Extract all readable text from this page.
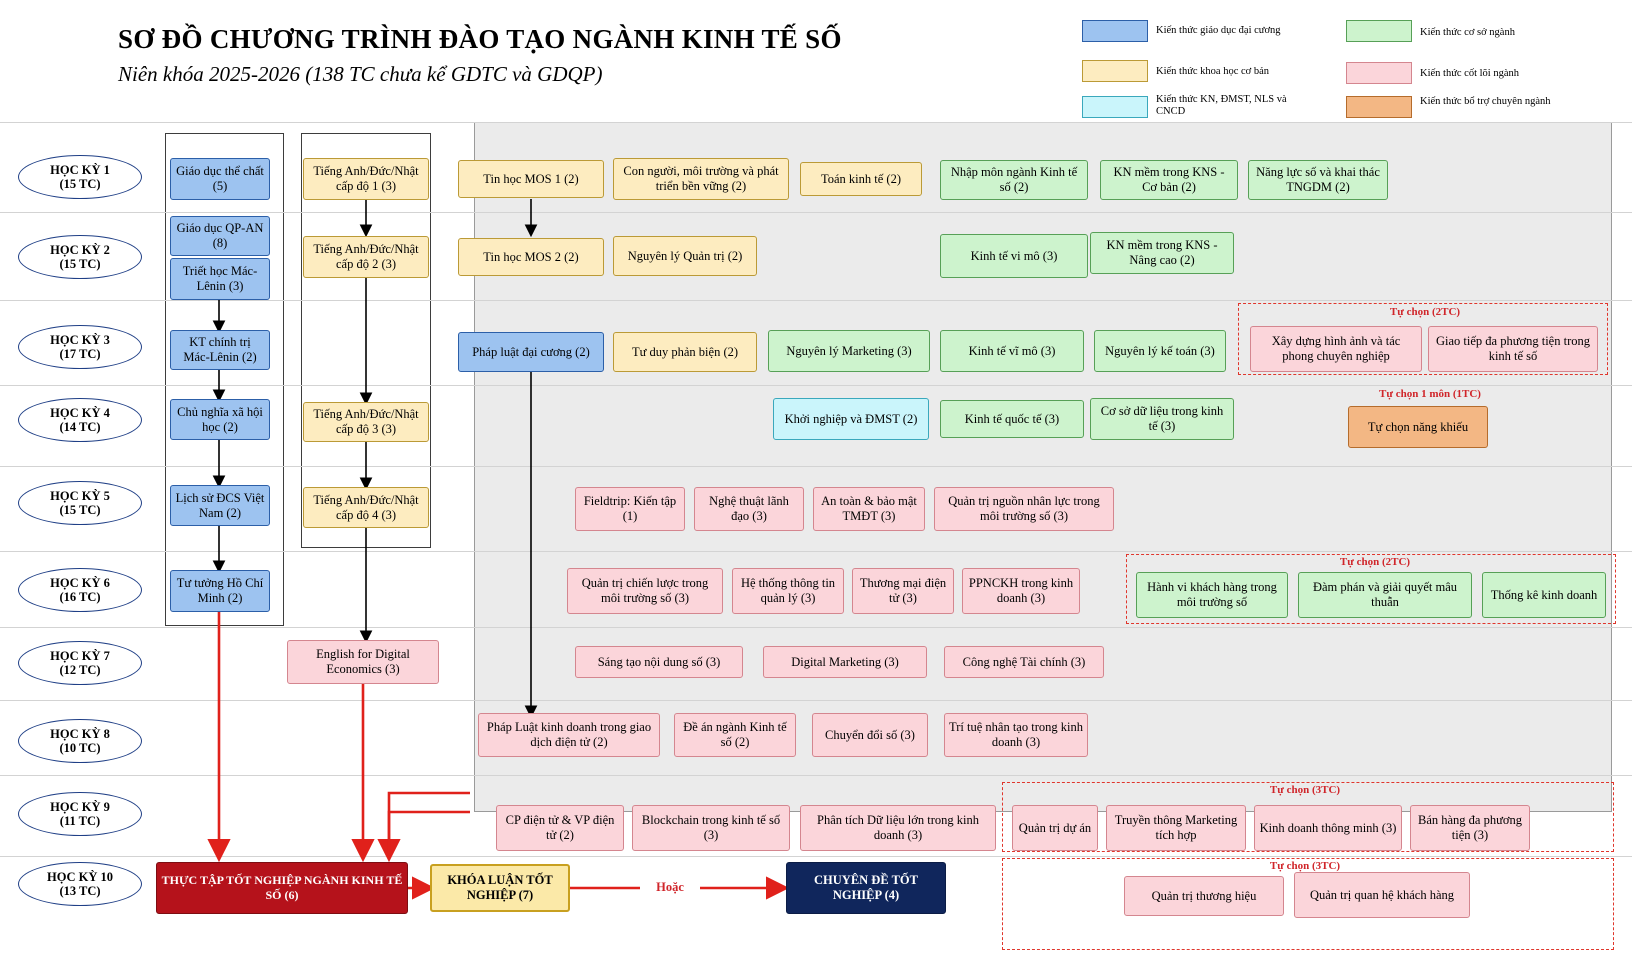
SƠ ĐỒ CHƯƠNG TRÌNH ĐÀO TẠO NGÀNH KINH TẾ SỐ
Niên khóa 2025-2026 (138 TC chưa kể GDTC và GDQP)
Kiến thức giáo dục đại cương	Kiến thức cơ sở ngành
Kiến thức khoa học cơ bản	Kiến thức cốt lõi ngành
Kiến thức KN, ĐMST, NLS và CNCD
Kiến thức bổ trợ chuyên ngành
HỌC KỲ 1
(15 TC)
HỌC KỲ 2
(15 TC)
HỌC KỲ 3
(17 TC)
HỌC KỲ 4
(14 TC)
HỌC KỲ 5
(15 TC)
HỌC KỲ 6
(16 TC)
HỌC KỲ 7
(12 TC)
HỌC KỲ 8
(10 TC)
HỌC KỲ 9
(11 TC)
HỌC KỲ 10
(13 TC)
Giáo dục thể chất (5)
Tiếng Anh/Đức/Nhật cấp độ 1 (3)
Tin học MOS 1 (2)
Con người, môi trường và phát triển bền vững (2)
Toán kinh tế (2)	Nhập môn ngành Kinh tế số (2)
KN mềm trong KNS - Cơ bản (2)
Năng lực số và khai thác TNGDM (2)
Giáo dục QP-AN (8)
Triết học Mác-Lênin (3)
Tiếng Anh/Đức/Nhật cấp độ 2 (3)
Tin học MOS 2 (2)	Nguyên lý Quản trị (2)	Kinh tế vi mô (3)
KN mềm trong KNS - Nâng cao (2)
KT chính trị Mác-Lênin (2)	Pháp luật đại cương (2)	Tư duy phản biện (2)	Nguyên lý Marketing (3)	Kinh tế vĩ mô (3)	Nguyên lý kế toán (3)
Tự chọn (2TC)
Xây dựng hình ảnh và tác phong chuyên nghiệp
Giao tiếp đa phương tiện trong kinh tế số
Chủ nghĩa xã hội học (2)
Tiếng Anh/Đức/Nhật cấp độ 3 (3)
Khởi nghiệp và ĐMST (2)	Kinh tế quốc tế (3)
Cơ sở dữ liệu trong kinh tế (3)
Tự chọn 1 môn (1TC)
Tự chọn năng khiếu
Lịch sử ĐCS Việt Nam (2)
Tiếng Anh/Đức/Nhật cấp độ 4 (3)
Fieldtrip: Kiến tập (1)
Nghệ thuật lãnh đạo (3)
An toàn & bảo mật TMĐT (3)
Quản trị nguồn nhân lực trong môi trường số (3)
Tư tưởng Hồ Chí Minh (2)
Quản trị chiến lược trong môi trường số (3)
Hệ thống thông tin quản lý (3)
Thương mại điện tử (3)
PPNCKH trong kinh doanh (3)
Tự chọn (2TC)
Hành vi khách hàng trong môi trường số
Đàm phán và giải quyết mâu thuẫn
Thống kê kinh doanh
English for Digital Economics (3)
Sáng tạo nội dung số (3)	Digital Marketing (3)	Công nghệ Tài chính (3)
Pháp Luật kinh doanh trong giao dịch điện tử (2)
Đề án ngành Kinh tế số (2)
Chuyển đổi số (3)
Trí tuệ nhân tạo trong kinh doanh (3)
CP điện tử & VP điện tử (2)
Blockchain trong kinh tế số (3)
Phân tích Dữ liệu lớn trong kinh doanh (3)
Tự chọn (3TC)
Quản trị dự án
Truyền thông Marketing tích hợp
Kinh doanh thông minh (3)
Bán hàng đa phương tiện (3)
THỰC TẬP TỐT NGHIỆP NGÀNH KINH TẾ SỐ (6)
KHÓA LUẬN TỐT NGHIỆP (7)
Hoặc	CHUYÊN ĐỀ TỐT NGHIỆP (4)
Tự chọn (3TC)
Quản trị thương hiệu	Quản trị quan hệ khách hàng
